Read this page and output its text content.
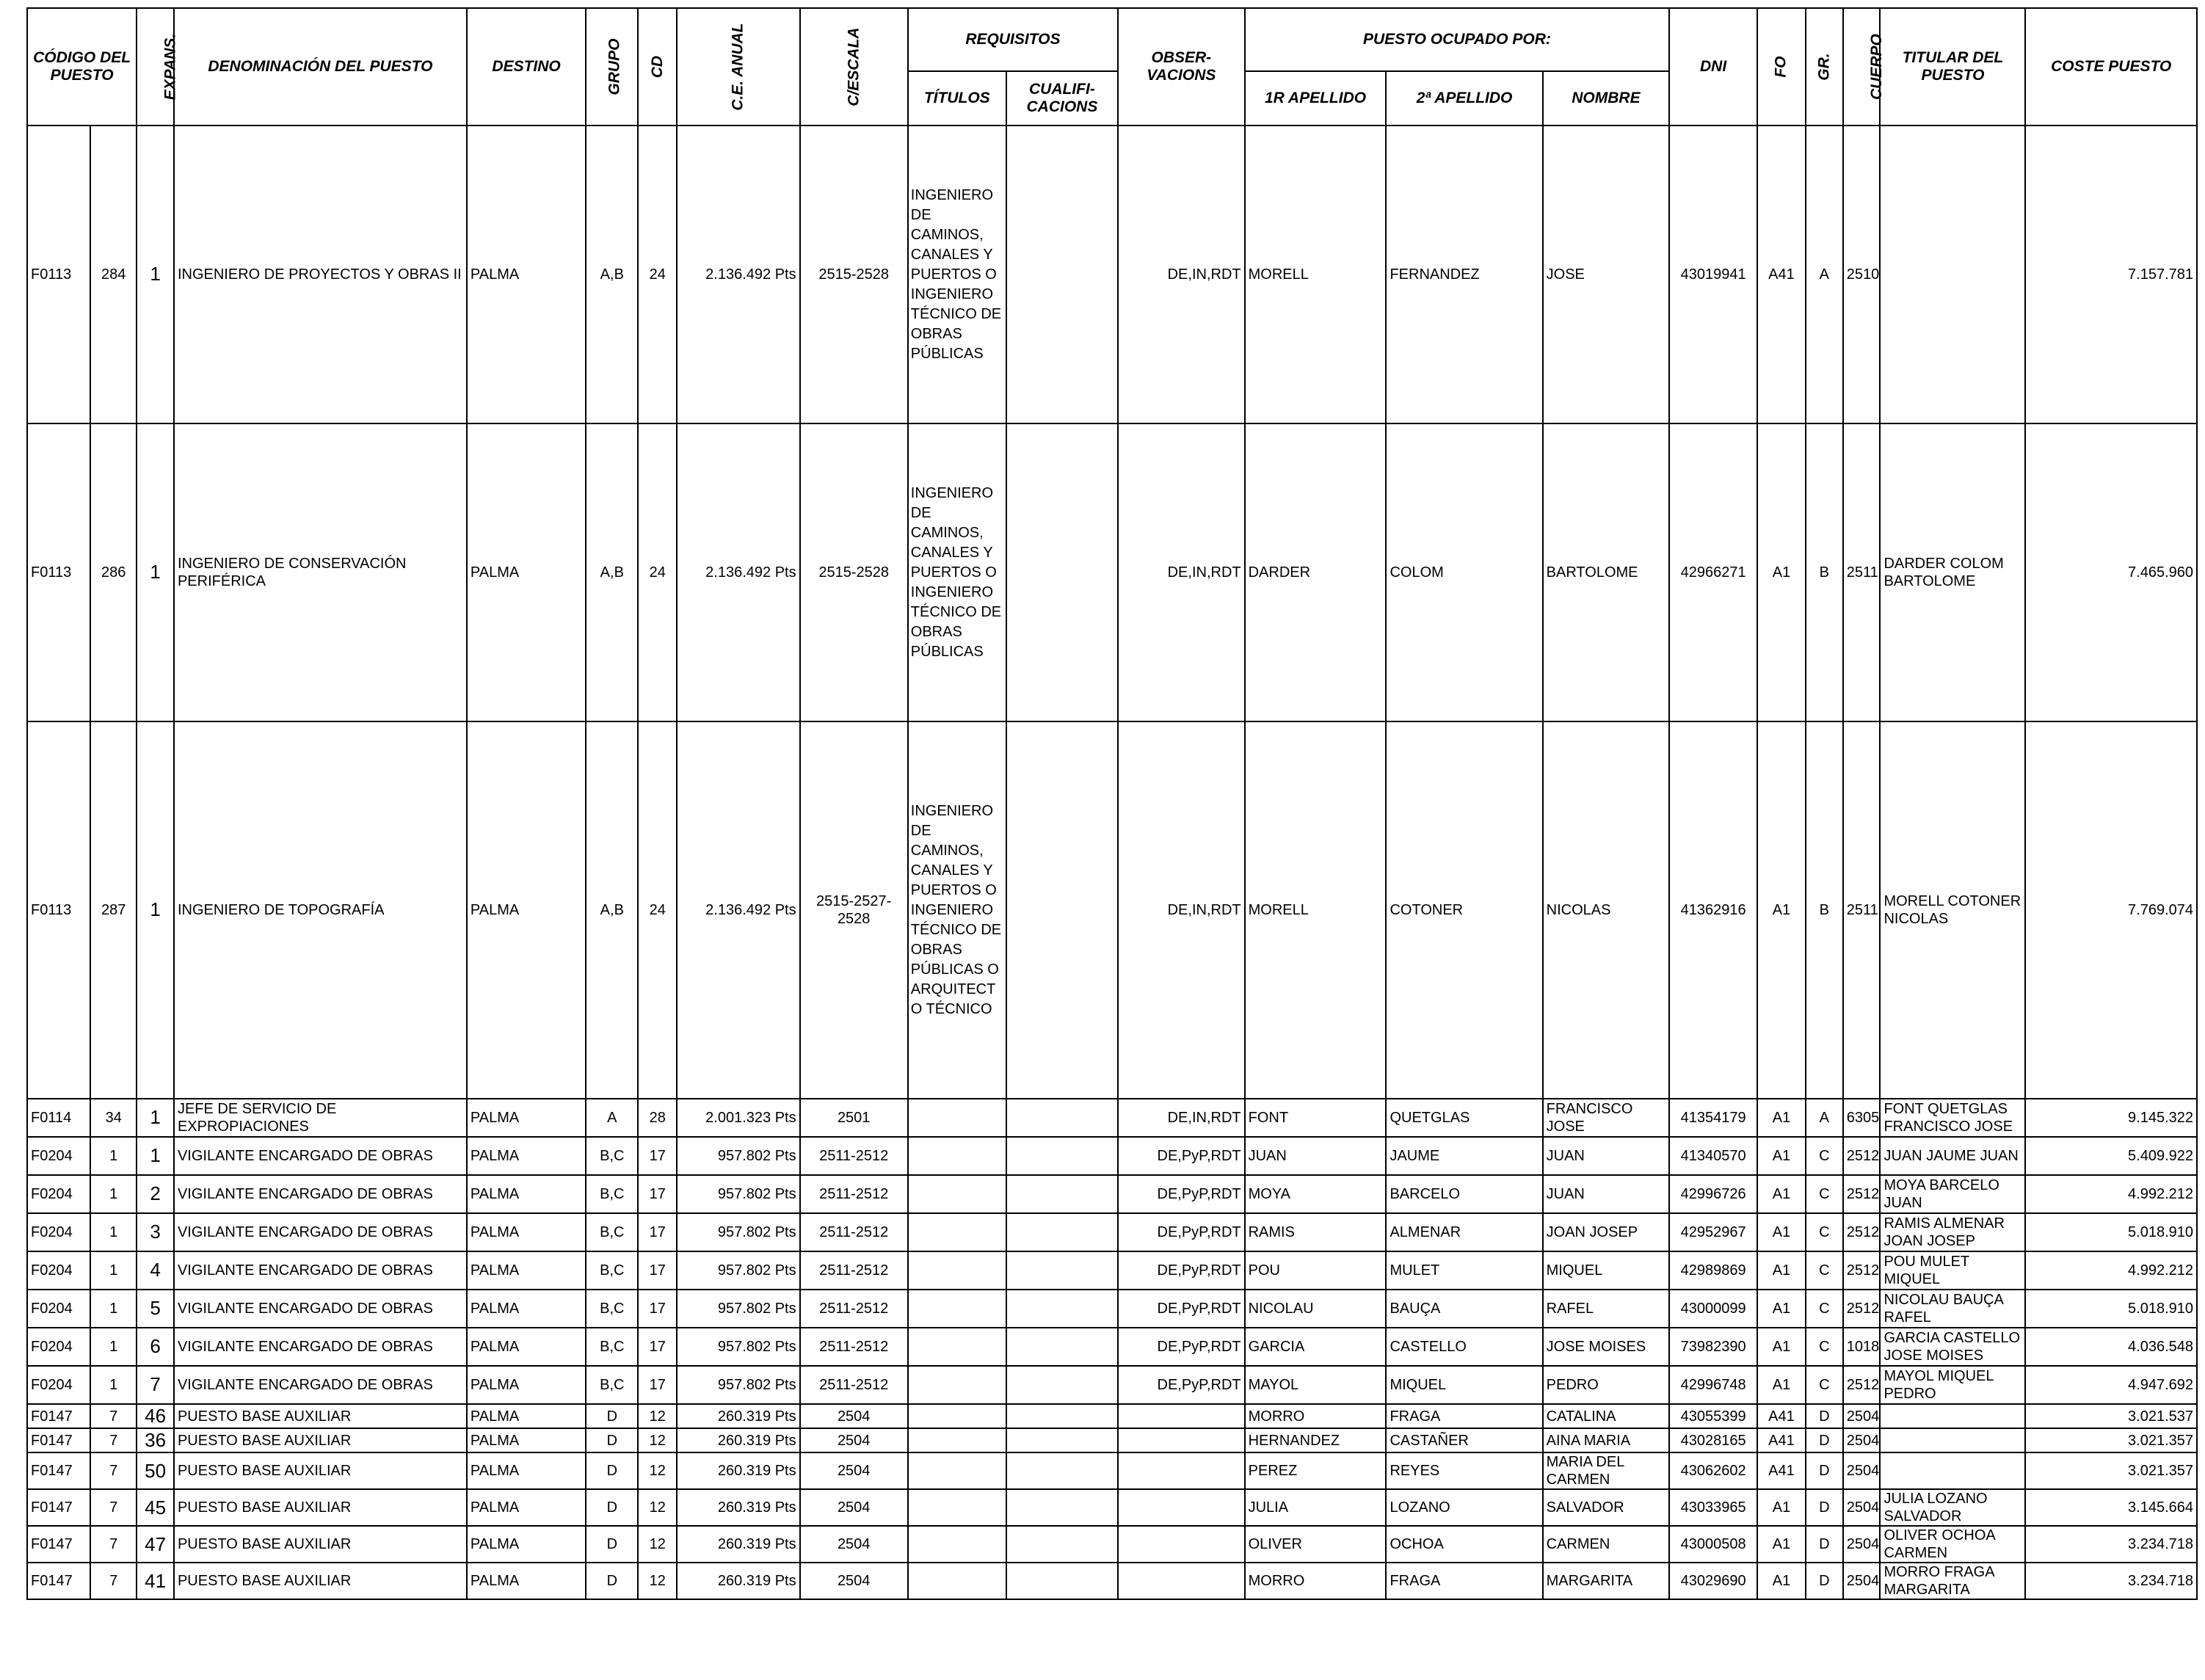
CÓDIGO DEL PUESTO		EXPANS.	DENOMINACIÓN DEL PUESTO	DESTINO	GRUPO	CD	C.E. ANUAL	C/ESCALA	REQUISITOS		OBSER- VACIONS	PUESTO OCUPADO POR:			DNI	FO	GR.	CUERPO	TITULAR DEL PUESTO	COSTE PUESTO
									TÍTULOS	CUALIFI- CACIONS		1R APELLIDO	2ª APELLIDO	NOMBRE						
F0113	284	1	INGENIERO DE PROYECTOS Y OBRAS II	PALMA	A,B	24	2.136.492 Pts	2515-2528	INGENIERO DE CAMINOS, CANALES Y PUERTOS O INGENIERO TÉCNICO DE OBRAS PÚBLICAS		DE,IN,RDT	MORELL	FERNANDEZ	JOSE	43019941	A41	A	2510		7.157.781
F0113	286	1	INGENIERO DE CONSERVACIÓN PERIFÉRICA	PALMA	A,B	24	2.136.492 Pts	2515-2528	INGENIERO DE CAMINOS, CANALES Y PUERTOS O INGENIERO TÉCNICO DE OBRAS PÚBLICAS		DE,IN,RDT	DARDER	COLOM	BARTOLOME	42966271	A1	B	2511	DARDER COLOM BARTOLOME	7.465.960
F0113	287	1	INGENIERO DE TOPOGRAFÍA	PALMA	A,B	24	2.136.492 Pts	2515-2527-2528	INGENIERO DE CAMINOS, CANALES Y PUERTOS O INGENIERO TÉCNICO DE OBRAS PÚBLICAS O ARQUITECTO TÉCNICO		DE,IN,RDT	MORELL	COTONER	NICOLAS	41362916	A1	B	2511	MORELL COTONER NICOLAS	7.769.074
F0114	34	1	JEFE DE SERVICIO DE EXPROPIACIONES	PALMA	A	28	2.001.323 Pts	2501			DE,IN,RDT	FONT	QUETGLAS	FRANCISCO JOSE	41354179	A1	A	6305	FONT QUETGLAS FRANCISCO JOSE	9.145.322
F0204	1	1	VIGILANTE ENCARGADO DE OBRAS	PALMA	B,C	17	957.802 Pts	2511-2512			DE,PyP,RDT	JUAN	JAUME	JUAN	41340570	A1	C	2512	JUAN JAUME JUAN	5.409.922
F0204	1	2	VIGILANTE ENCARGADO DE OBRAS	PALMA	B,C	17	957.802 Pts	2511-2512			DE,PyP,RDT	MOYA	BARCELO	JUAN	42996726	A1	C	2512	MOYA BARCELO JUAN	4.992.212
F0204	1	3	VIGILANTE ENCARGADO DE OBRAS	PALMA	B,C	17	957.802 Pts	2511-2512			DE,PyP,RDT	RAMIS	ALMENAR	JOAN JOSEP	42952967	A1	C	2512	RAMIS ALMENAR JOAN JOSEP	5.018.910
F0204	1	4	VIGILANTE ENCARGADO DE OBRAS	PALMA	B,C	17	957.802 Pts	2511-2512			DE,PyP,RDT	POU	MULET	MIQUEL	42989869	A1	C	2512	POU MULET MIQUEL	4.992.212
F0204	1	5	VIGILANTE ENCARGADO DE OBRAS	PALMA	B,C	17	957.802 Pts	2511-2512			DE,PyP,RDT	NICOLAU	BAUÇA	RAFEL	43000099	A1	C	2512	NICOLAU BAUÇA RAFEL	5.018.910
F0204	1	6	VIGILANTE ENCARGADO DE OBRAS	PALMA	B,C	17	957.802 Pts	2511-2512			DE,PyP,RDT	GARCIA	CASTELLO	JOSE MOISES	73982390	A1	C	1018	GARCIA CASTELLO JOSE MOISES	4.036.548
F0204	1	7	VIGILANTE ENCARGADO DE OBRAS	PALMA	B,C	17	957.802 Pts	2511-2512			DE,PyP,RDT	MAYOL	MIQUEL	PEDRO	42996748	A1	C	2512	MAYOL MIQUEL PEDRO	4.947.692
F0147	7	46	PUESTO BASE AUXILIAR	PALMA	D	12	260.319 Pts	2504				MORRO	FRAGA	CATALINA	43055399	A41	D	2504		3.021.537
F0147	7	36	PUESTO BASE AUXILIAR	PALMA	D	12	260.319 Pts	2504				HERNANDEZ	CASTAÑER	AINA MARIA	43028165	A41	D	2504		3.021.357
F0147	7	50	PUESTO BASE AUXILIAR	PALMA	D	12	260.319 Pts	2504				PEREZ	REYES	MARIA DEL CARMEN	43062602	A41	D	2504		3.021.357
F0147	7	45	PUESTO BASE AUXILIAR	PALMA	D	12	260.319 Pts	2504				JULIA	LOZANO	SALVADOR	43033965	A1	D	2504	JULIA LOZANO SALVADOR	3.145.664
F0147	7	47	PUESTO BASE AUXILIAR	PALMA	D	12	260.319 Pts	2504				OLIVER	OCHOA	CARMEN	43000508	A1	D	2504	OLIVER OCHOA CARMEN	3.234.718
F0147	7	41	PUESTO BASE AUXILIAR	PALMA	D	12	260.319 Pts	2504				MORRO	FRAGA	MARGARITA	43029690	A1	D	2504	MORRO FRAGA MARGARITA	3.234.718
